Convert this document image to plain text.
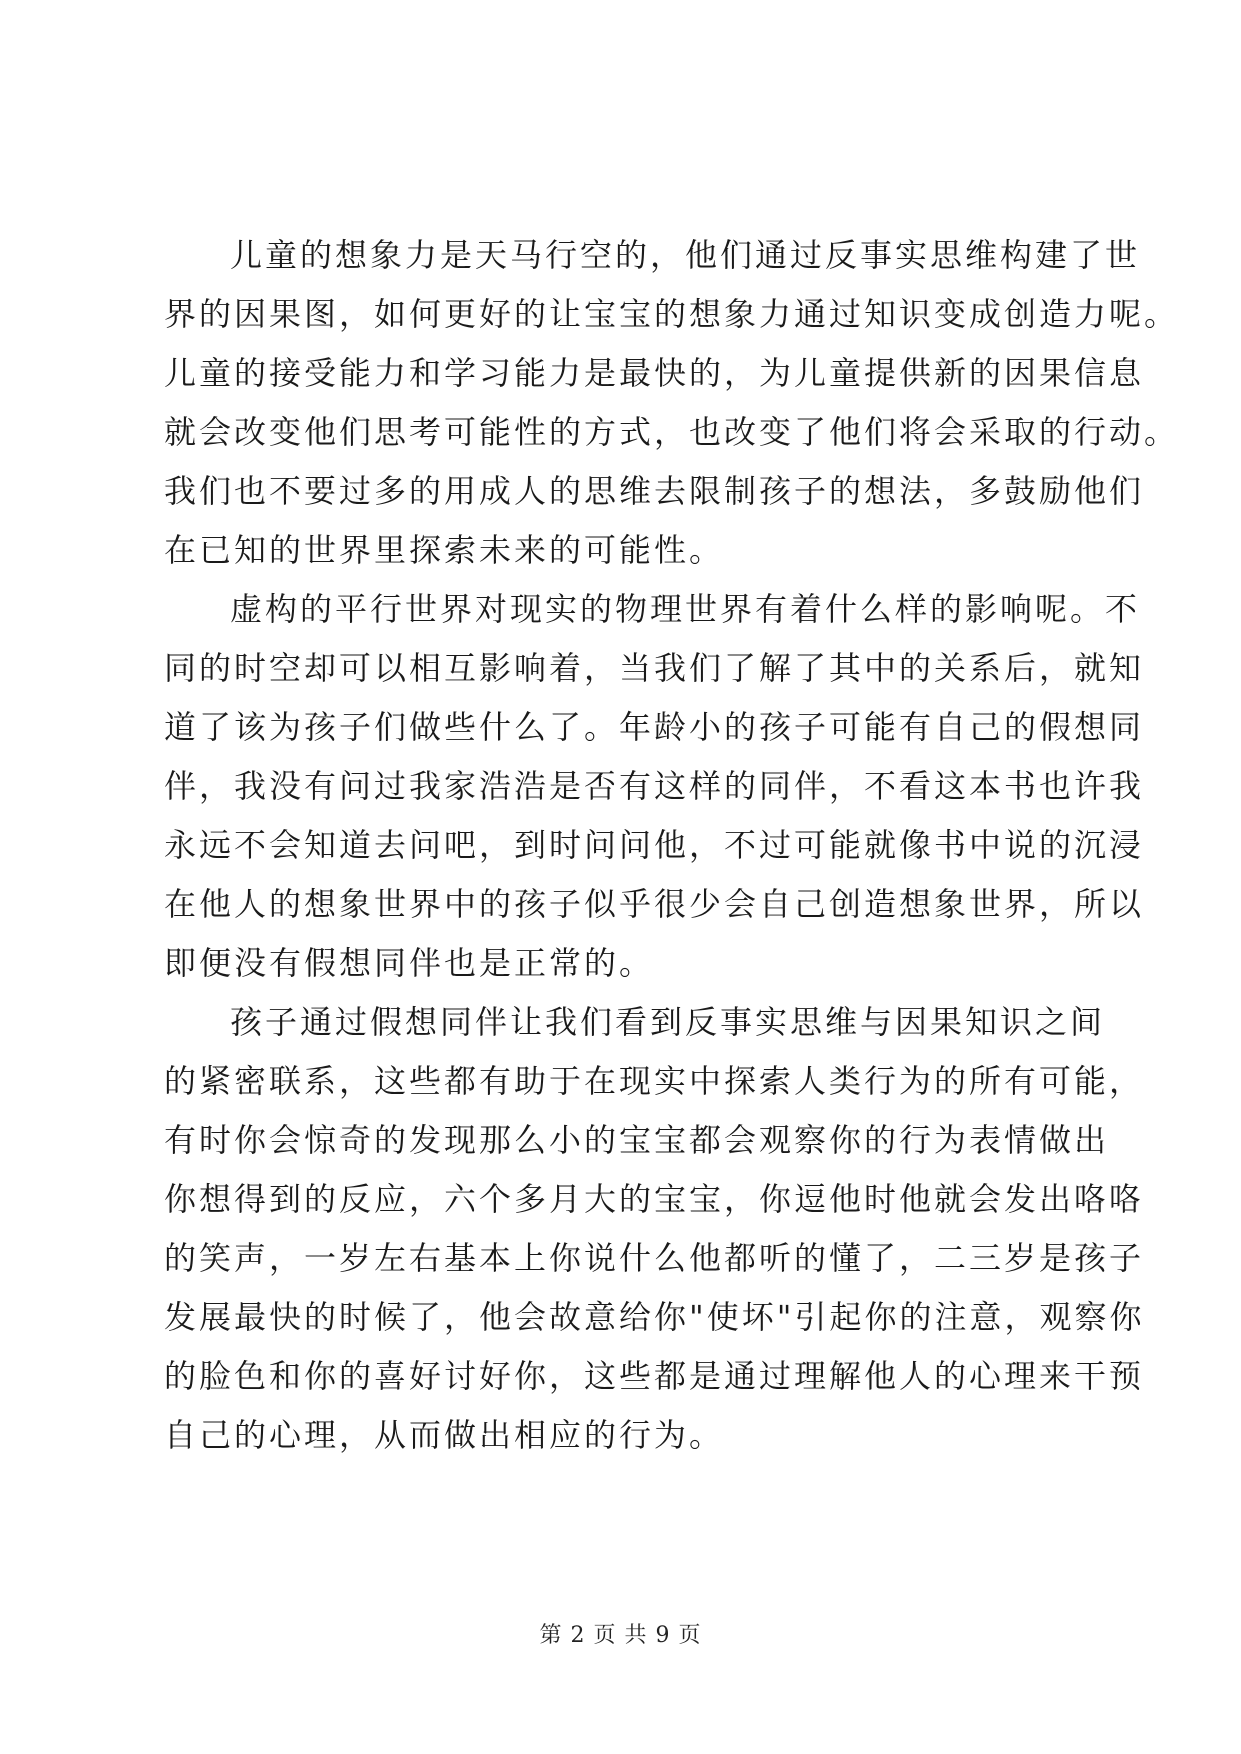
儿童的想象力是天马行空的，他们通过反事实思维构建了世
界的因果图，如何更好的让宝宝的想象力通过知识变成创造力呢。
儿童的接受能力和学习能力是最快的，为儿童提供新的因果信息
就会改变他们思考可能性的方式，也改变了他们将会采取的行动。
我们也不要过多的用成人的思维去限制孩子的想法，多鼓励他们
在已知的世界里探索未来的可能性。
虚构的平行世界对现实的物理世界有着什么样的影响呢。不
同的时空却可以相互影响着，当我们了解了其中的关系后，就知
道了该为孩子们做些什么了。年龄小的孩子可能有自己的假想同
伴，我没有问过我家浩浩是否有这样的同伴，不看这本书也许我
永远不会知道去问吧，到时问问他，不过可能就像书中说的沉浸
在他人的想象世界中的孩子似乎很少会自己创造想象世界，所以
即便没有假想同伴也是正常的。
孩子通过假想同伴让我们看到反事实思维与因果知识之间
的紧密联系，这些都有助于在现实中探索人类行为的所有可能，
有时你会惊奇的发现那么小的宝宝都会观察你的行为表情做出
你想得到的反应，六个多月大的宝宝，你逗他时他就会发出咯咯
的笑声，一岁左右基本上你说什么他都听的懂了，二三岁是孩子
发展最快的时候了，他会故意给你"使坏"引起你的注意，观察你
的脸色和你的喜好讨好你，这些都是通过理解他人的心理来干预
自己的心理，从而做出相应的行为。
第 2 页 共 9 页
